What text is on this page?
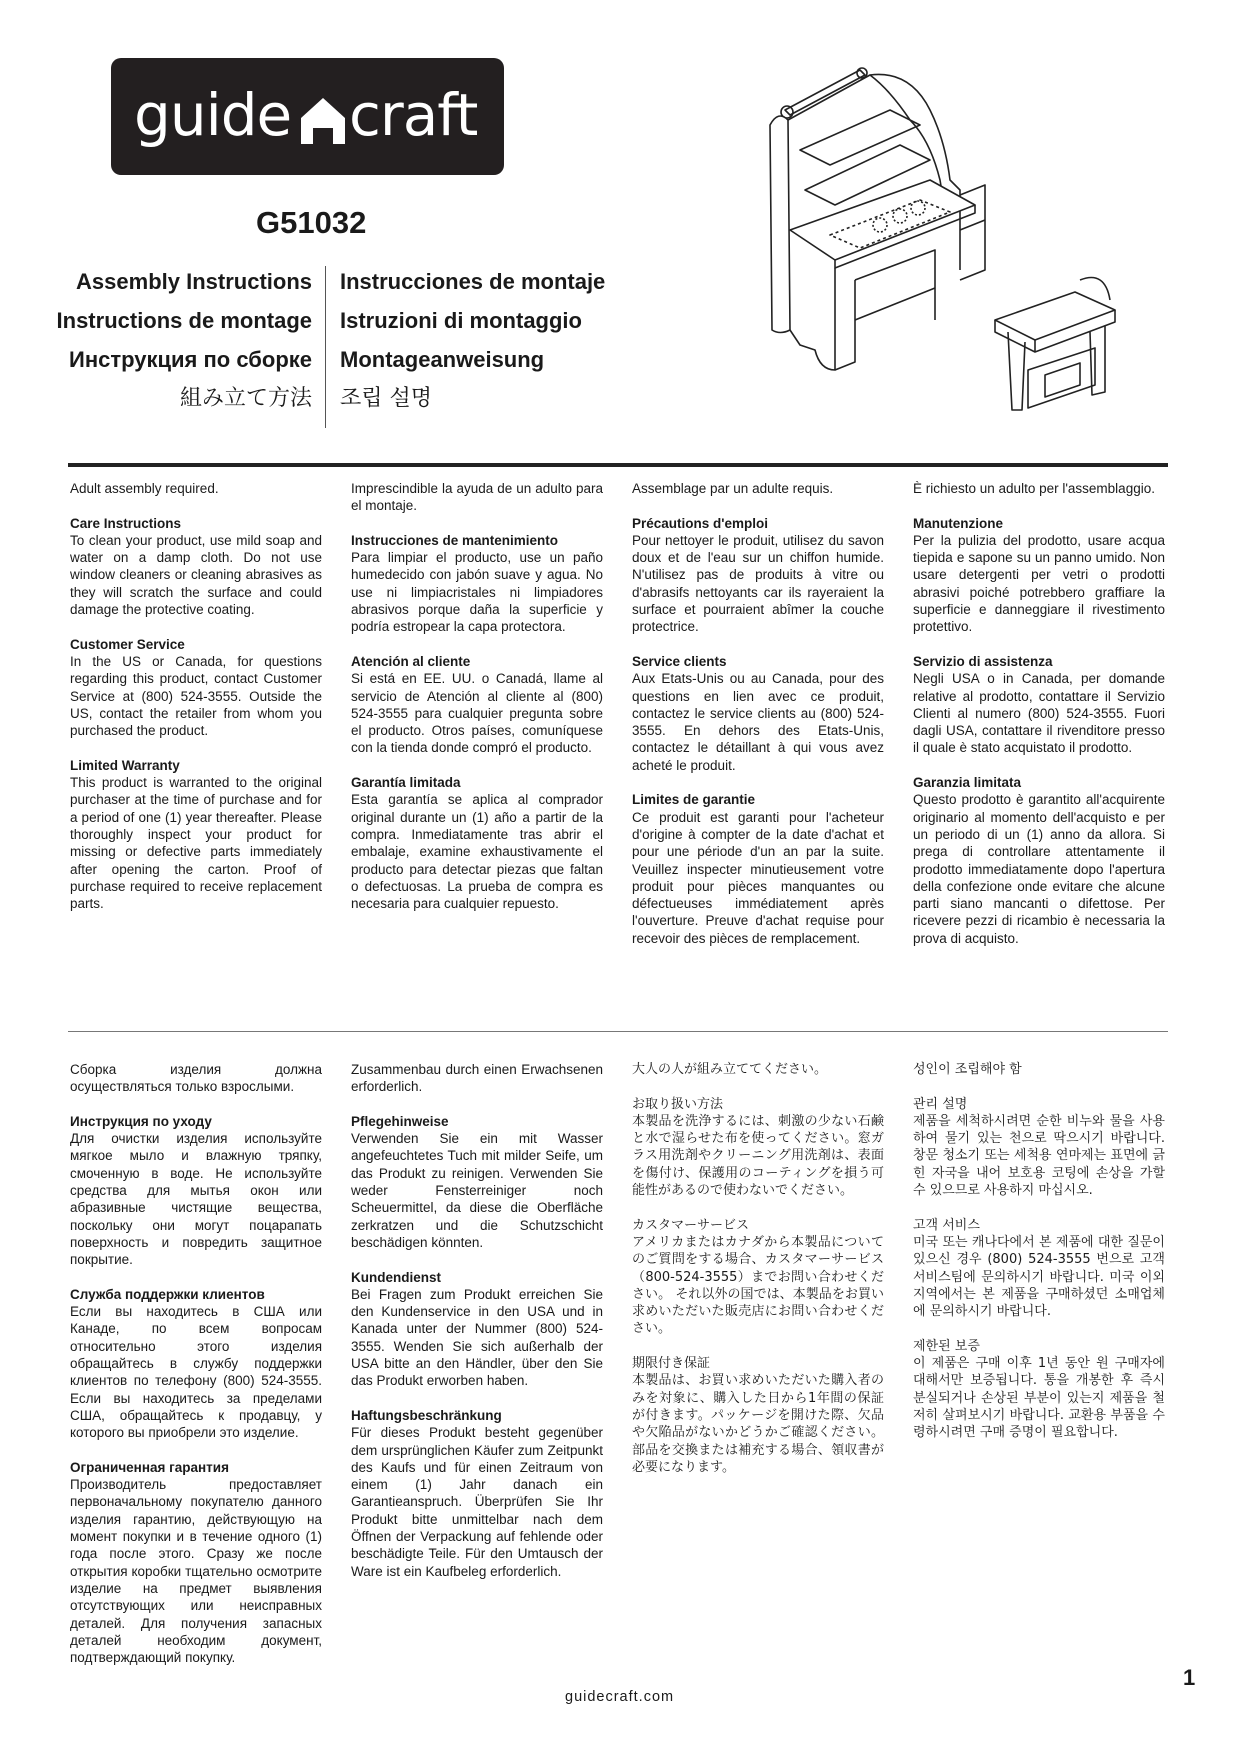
guide craft
G51032
Assembly Instructions
Instructions de montage
Инструкция по сборке
組み立て方法
Instrucciones de montaje
Istruzioni di montaggio
Montageanweisung
조립 설명

Adult assembly required.

Care Instructions

To clean your product, use mild soap and water on a damp cloth. Do not use window cleaners or cleaning abrasives as they will scratch the surface and could damage the protective coating.

Customer Service

In the US or Canada, for questions regarding this product, contact Customer Service at (800) 524-3555. Outside the US, contact the retailer from whom you purchased the product.

Limited Warranty

This product is warranted to the original purchaser at the time of purchase and for a period of one (1) year thereafter. Please thoroughly inspect your product for missing or defective parts immediately after opening the carton. Proof of purchase required to receive replacement parts.

Imprescindible la ayuda de un adulto para el montaje.

Instrucciones de mantenimiento

Para limpiar el producto, use un paño humedecido con jabón suave y agua. No use ni limpiacristales ni limpiadores abrasivos porque daña la superficie y podría estropear la capa protectora.

Atención al cliente

Si está en EE. UU. o Canadá, llame al servicio de Atención al cliente al (800) 524-3555 para cualquier pregunta sobre el producto. Otros países, comuníquese con la tienda donde compró el producto.

Garantía limitada

Esta garantía se aplica al comprador original durante un (1) año a partir de la compra. Inmediatamente tras abrir el embalaje, examine exhaustivamente el producto para detectar piezas que faltan o defectuosas. La prueba de compra es necesaria para cualquier repuesto.

Assemblage par un adulte requis.

Précautions d'emploi

Pour nettoyer le produit, utilisez du savon doux et de l'eau sur un chiffon humide. N'utilisez pas de produits à vitre ou d'abrasifs nettoyants car ils rayeraient la surface et pourraient abîmer la couche protectrice.

Service clients

Aux Etats-Unis ou au Canada, pour des questions en lien avec ce produit, contactez le service clients au (800) 524-3555. En dehors des Etats-Unis, contactez le détaillant à qui vous avez acheté le produit.

Limites de garantie

Ce produit est garanti pour l'acheteur d'origine à compter de la date d'achat et pour une période d'un an par la suite. Veuillez inspecter minutieusement votre produit pour pièces manquantes ou défectueuses immédiatement après l'ouverture. Preuve d'achat requise pour recevoir des pièces de remplacement.

È richiesto un adulto per l'assemblaggio.

Manutenzione

Per la pulizia del prodotto, usare acqua tiepida e sapone su un panno umido. Non usare detergenti per vetri o prodotti abrasivi poiché potrebbero graffiare la superficie e danneggiare il rivestimento protettivo.

Servizio di assistenza

Negli USA o in Canada, per domande relative al prodotto, contattare il Servizio Clienti al numero (800) 524-3555. Fuori dagli USA, contattare il rivenditore presso il quale è stato acquistato il prodotto.

Garanzia limitata

Questo prodotto è garantito all'acquirente originario al momento dell'acquisto e per un periodo di un (1) anno da allora. Si prega di controllare attentamente il prodotto immediatamente dopo l'apertura della confezione onde evitare che alcune parti siano mancanti o difettose. Per ricevere pezzi di ricambio è necessaria la prova di acquisto.

Сборка изделия должна осуществляться только взрослыми.

Инструкция по уходу

Для очистки изделия используйте мягкое мыло и влажную тряпку, смоченную в воде. Не используйте средства для мытья окон или абразивные чистящие вещества, поскольку они могут поцарапать поверхность и повредить защитное покрытие.

Служба поддержки клиентов

Если вы находитесь в США или Канаде, по всем вопросам относительно этого изделия обращайтесь в службу поддержки клиентов по телефону (800) 524-3555. Если вы находитесь за пределами США, обращайтесь к продавцу, у которого вы приобрели это изделие.

Ограниченная гарантия

Производитель предоставляет первоначальному покупателю данного изделия гарантию, действующую на момент покупки и в течение одного (1) года после этого. Сразу же после открытия коробки тщательно осмотрите изделие на предмет выявления отсутствующих или неисправных деталей. Для получения запасных деталей необходим документ, подтверждающий покупку.

Zusammenbau durch einen Erwachsenen erforderlich.

Pflegehinweise

Verwenden Sie ein mit Wasser angefeuchtetes Tuch mit milder Seife, um das Produkt zu reinigen. Verwenden Sie weder Fensterreiniger noch Scheuermittel, da diese die Oberfläche zerkratzen und die Schutzschicht beschädigen könnten.

Kundendienst

Bei Fragen zum Produkt erreichen Sie den Kundenservice in den USA und in Kanada unter der Nummer (800) 524-3555. Wenden Sie sich außerhalb der USA bitte an den Händler, über den Sie das Produkt erworben haben.

Haftungsbeschränkung

Für dieses Produkt besteht gegenüber dem ursprünglichen Käufer zum Zeitpunkt des Kaufs und für einen Zeitraum von einem (1) Jahr danach ein Garantieanspruch. Überprüfen Sie Ihr Produkt bitte unmittelbar nach dem Öffnen der Verpackung auf fehlende oder beschädigte Teile. Für den Umtausch der Ware ist ein Kaufbeleg erforderlich.

大人の人が組み立ててください。

お取り扱い方法

本製品を洗浄するには、刺激の少ない石鹸と水で湿らせた布を使ってください。窓ガラス用洗剤やクリーニング用洗剤は、表面を傷付け、保護用のコーティングを損う可能性があるので使わないでください。

カスタマーサービス

アメリカまたはカナダから本製品についてのご質問をする場合、カスタマーサービス（800-524-3555）までお問い合わせください。 それ以外の国では、本製品をお買い求めいただいた販売店にお問い合わせください。

期限付き保証

本製品は、お買い求めいただいた購入者のみを対象に、購入した日から1年間の保証が付きます。パッケージを開けた際、欠品や欠陥品がないかどうかご確認ください。部品を交換または補充する場合、領収書が必要になります。

성인이 조립해야 함

관리 설명

제품을 세척하시려면 순한 비누와 물을 사용하여 물기 있는 천으로 딱으시기 바랍니다. 창문 청소기 또는 세척용 연마제는 표면에 긁힌 자국을 내어 보호용 코팅에 손상을 가할 수 있으므로 사용하지 마십시오.

고객 서비스

미국 또는 캐나다에서 본 제품에 대한 질문이 있으신 경우 (800) 524-3555 번으로 고객 서비스팀에 문의하시기 바랍니다. 미국 이외 지역에서는 본 제품을 구매하셨던 소매업체에 문의하시기 바랍니다.

제한된 보증

이 제품은 구매 이후 1년 동안 원 구매자에 대해서만 보증됩니다. 통을 개봉한 후 즉시 분실되거나 손상된 부분이 있는지 제품을 철저히 살펴보시기 바랍니다. 교환용 부품을 수령하시려면 구매 증명이 필요합니다.

guidecraft.com
1
